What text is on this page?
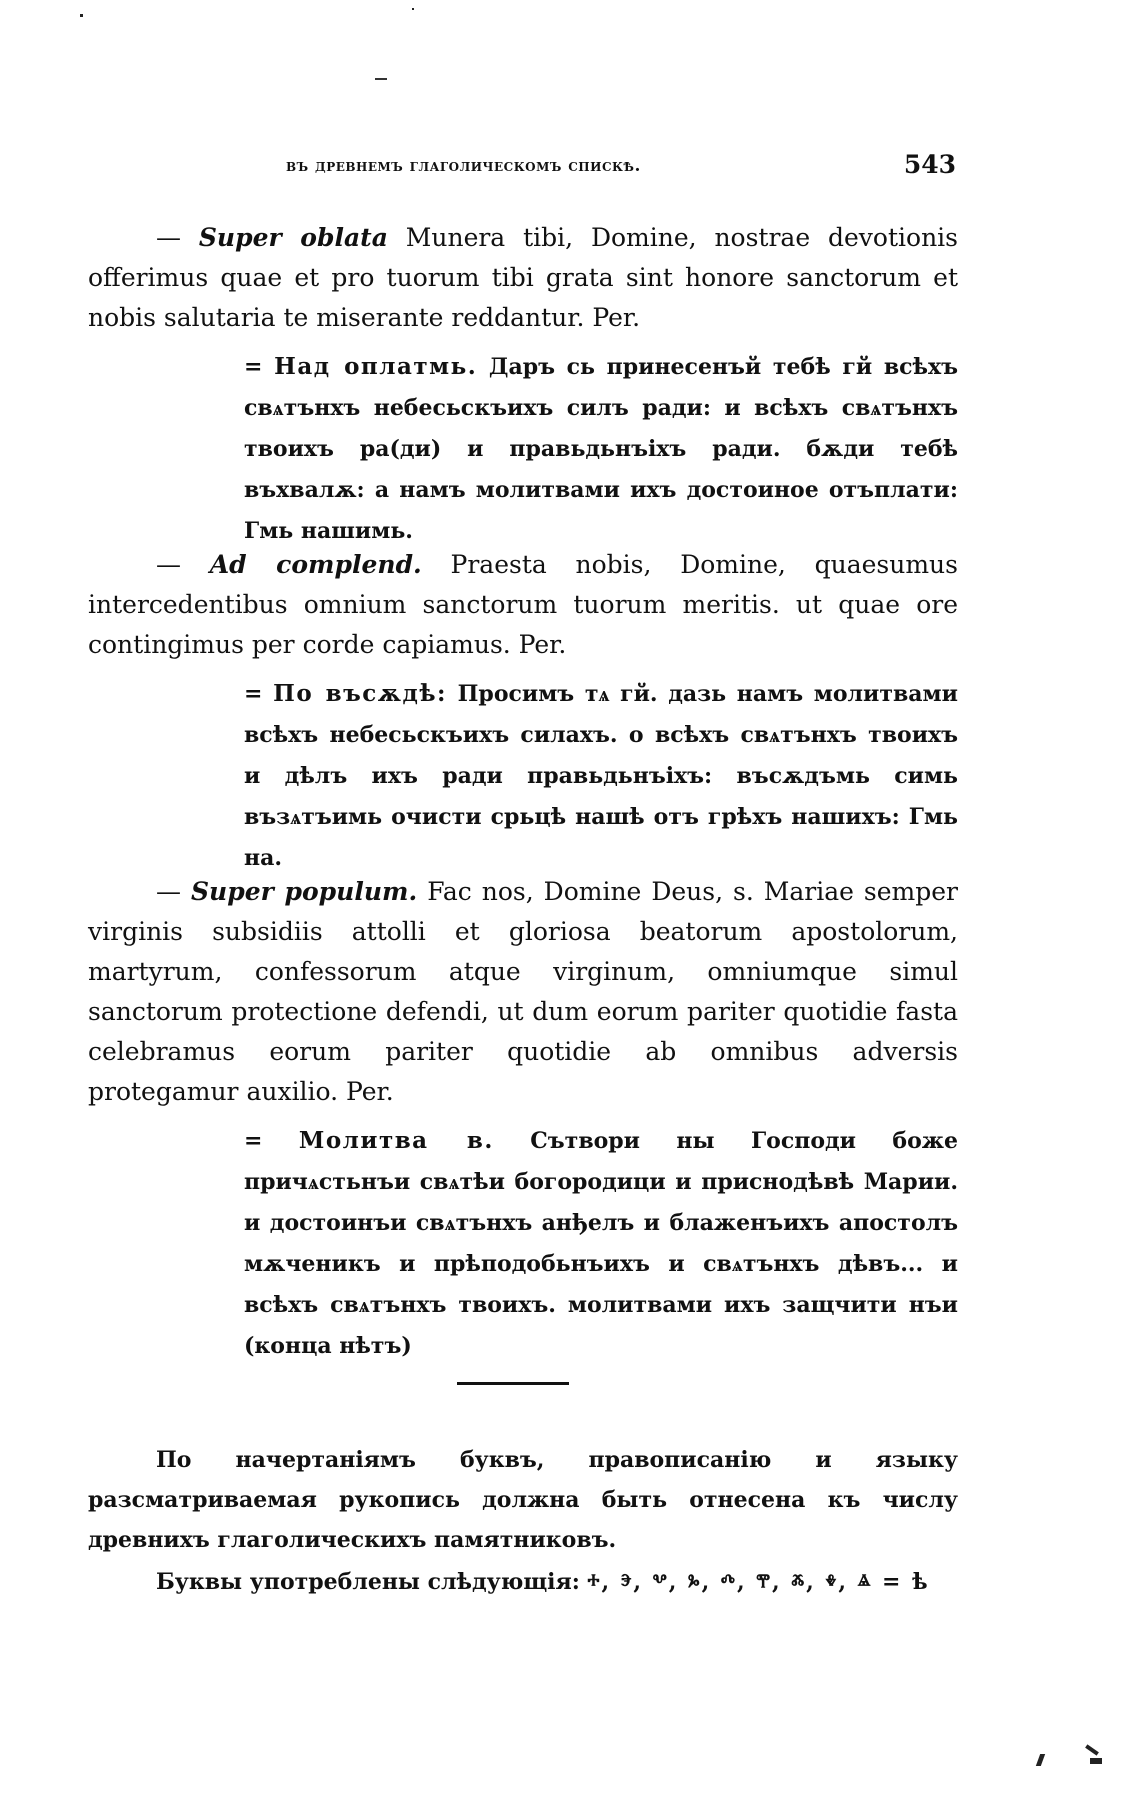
въ древнемъ глаголическомъ спискѣ.	543
— Super oblata Munera tibi, Domine, nostrae devotionis offerimus quae et pro tuorum tibi grata sint honore sanctorum et nobis salutaria te miserante reddantur. Per.
= Над оплатмь. Даръ сь принесенъй тебѣ гй всѣхъ свѧтънхъ небесьскъихъ силъ ради: и всѣхъ свѧтънхъ твоихъ ра(ди) и правьдьнъіхъ ради. бѫди тебѣ въхвалѫ: а намъ молитвами ихъ достоиное отъплати: Гмь нашимь.
— Ad complend. Praesta nobis, Domine, quaesumus intercedentibus omnium sanctorum tuorum meritis. ut quae ore contingimus per corde capiamus. Per.
= По въсѫдѣ: Просимъ тѧ гй. дазь намъ молитвами всѣхъ небесьскъихъ силахъ. о всѣхъ свѧтънхъ твоихъ и дѣлъ ихъ ради правьдьнъіхъ: въсѫдъмь симь възѧтъимь очисти срьцѣ нашѣ отъ грѣхъ нашихъ: Гмь на.
— Super populum. Fac nos, Domine Deus, s. Mariae semper virginis subsidiis attolli et gloriosa beatorum apostolorum, martyrum, confessorum atque virginum, omniumque simul sanctorum protectione defendi, ut dum eorum pariter quotidie fasta celebramus eorum pariter quotidie ab omnibus adversis protegamur auxilio. Per.
= Молитва в. Сътвори ны Господи боже причѧстьнъи свѧтѣи богородици и приснодѣвѣ Марии. и достоинъи свѧтънхъ анђелъ и блаженъихъ апостолъ мѫченикъ и прѣподобьнъихъ и свѧтънхъ дѣвъ... и всѣхъ свѧтънхъ твоихъ. молитвами ихъ защчити нъи (конца нѣтъ)
По начертаніямъ буквъ, правописанію и языку разсматриваемая рукопись должна быть отнесена къ числу древнихъ глаголическихъ памятниковъ.
Буквы употреблены слѣдующія: ⰰ, ⰵ, ⰲ, ⰳ, ⰴ, ⰹ, ⰶ, ⰷ, ⱑ = ѣ
